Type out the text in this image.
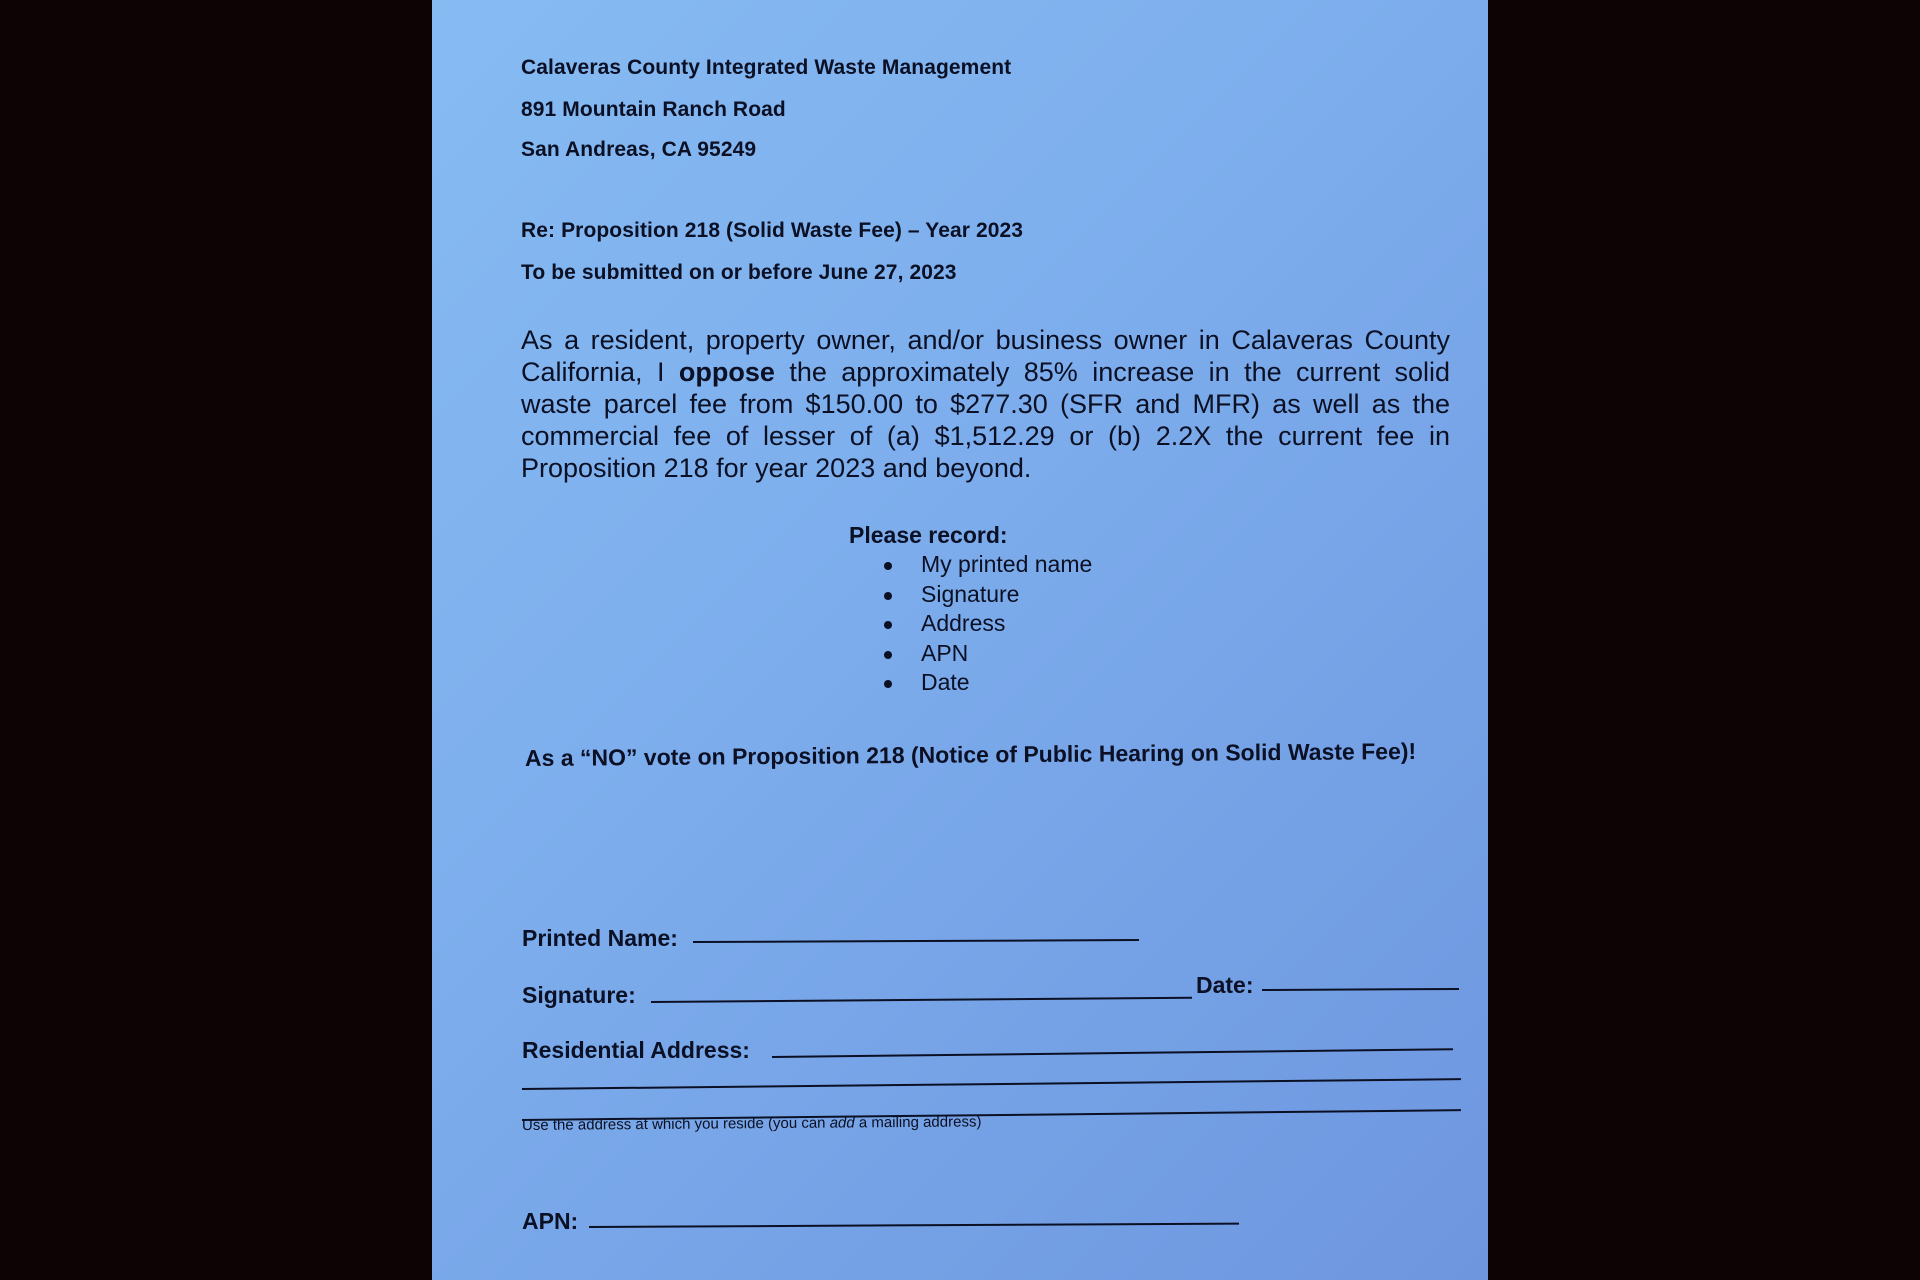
Calaveras County Integrated Waste Management
891 Mountain Ranch Road
San Andreas, CA 95249
Re: Proposition 218 (Solid Waste Fee) – Year 2023
To be submitted on or before June 27, 2023
As a resident, property owner, and/or business owner in Calaveras County California, I oppose the approximately 85% increase in the current solid waste parcel fee from $150.00 to $277.30 (SFR and MFR) as well as the commercial fee of lesser of (a) $1,512.29 or (b) 2.2X the current fee in Proposition 218 for year 2023 and beyond.
Please record:
My printed name
Signature
Address
APN
Date
As a “NO” vote on Proposition 218 (Notice of Public Hearing on Solid Waste Fee)!
Printed Name:
Signature:	Date:
Residential Address:
Use the address at which you reside (you can add a mailing address)
APN:
